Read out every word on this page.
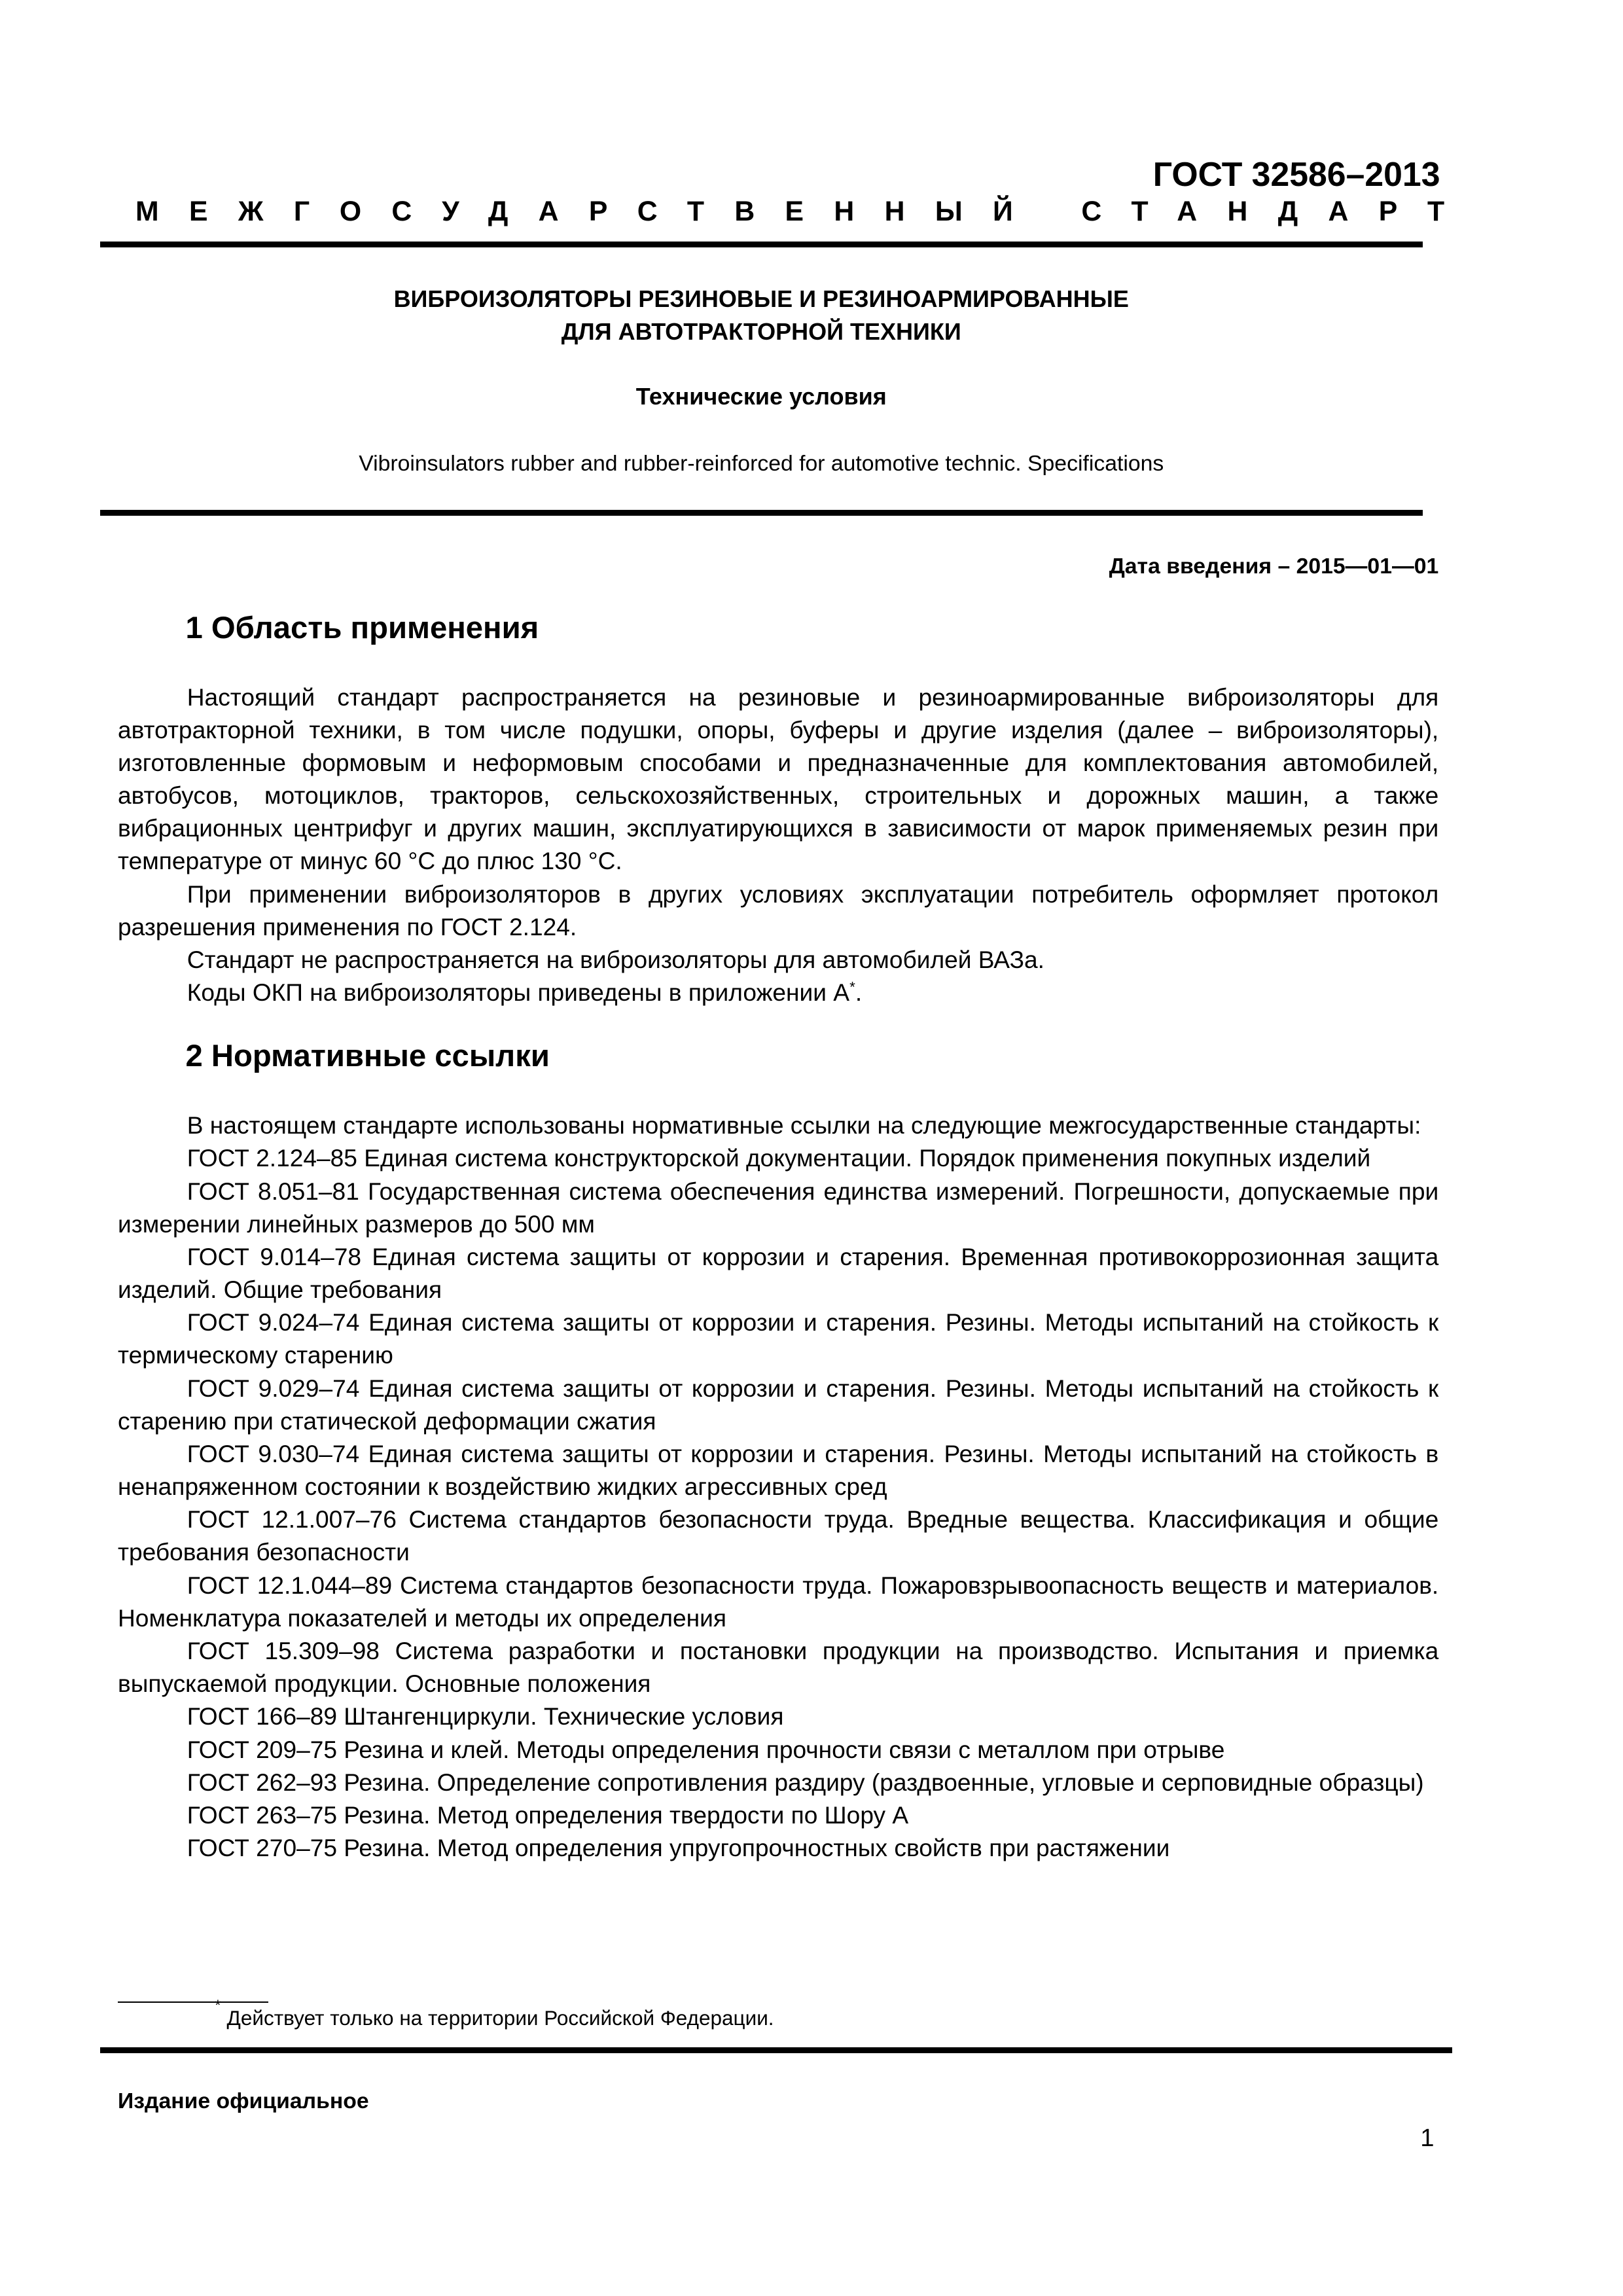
ГОСТ 32586–2013
МЕЖГОСУДАРСТВЕННЫЙ СТАНДАРТ
ВИБРОИЗОЛЯТОРЫ РЕЗИНОВЫЕ И РЕЗИНОАРМИРОВАННЫЕ
ДЛЯ АВТОТРАКТОРНОЙ ТЕХНИКИ
Технические условия
Vibroinsulators rubber and rubber-reinforced for automotive technic. Specifications
Дата введения – 2015—01—01
1 Область применения

Настоящий стандарт распространяется на резиновые и резиноармированные виброизоляторы для автотракторной техники, в том числе подушки, опоры, буферы и другие изделия (далее – виброизоляторы), изготовленные формовым и неформовым способами и предназначенные для комплектования автомобилей, автобусов, мотоциклов, тракторов, сельскохозяйственных, строительных и дорожных машин, а также вибрационных центрифуг и других машин, эксплуатирующихся в зависимости от марок применяемых резин при температуре от минус 60 °С до плюс 130 °С.

При применении виброизоляторов в других условиях эксплуатации потребитель оформляет протокол разрешения применения по ГОСТ 2.124.

Стандарт не распространяется на виброизоляторы для автомобилей ВАЗа.

Коды ОКП на виброизоляторы приведены в приложении А*.

2 Нормативные ссылки

В настоящем стандарте использованы нормативные ссылки на следующие межгосударственные стандарты:

ГОСТ 2.124–85 Единая система конструкторской документации. Порядок применения покупных изделий

ГОСТ 8.051–81 Государственная система обеспечения единства измерений. Погрешности, допускаемые при измерении линейных размеров до 500 мм

ГОСТ 9.014–78 Единая система защиты от коррозии и старения. Временная противокоррозионная защита изделий. Общие требования

ГОСТ 9.024–74 Единая система защиты от коррозии и старения. Резины. Методы испытаний на стойкость к термическому старению

ГОСТ 9.029–74 Единая система защиты от коррозии и старения. Резины. Методы испытаний на стойкость к старению при статической деформации сжатия

ГОСТ 9.030–74 Единая система защиты от коррозии и старения. Резины. Методы испытаний на стойкость в ненапряженном состоянии к воздействию жидких агрессивных сред

ГОСТ 12.1.007–76 Система стандартов безопасности труда. Вредные вещества. Классификация и общие требования безопасности

ГОСТ 12.1.044–89 Система стандартов безопасности труда. Пожаровзрывоопасность веществ и материалов. Номенклатура показателей и методы их определения

ГОСТ 15.309–98 Система разработки и постановки продукции на производство. Испытания и приемка выпускаемой продукции. Основные положения

ГОСТ 166–89 Штангенциркули. Технические условия

ГОСТ 209–75 Резина и клей. Методы определения прочности связи с металлом при отрыве

ГОСТ 262–93 Резина. Определение сопротивления раздиру (раздвоенные, угловые и серповидные образцы)

ГОСТ 263–75 Резина. Метод определения твердости по Шору А

ГОСТ 270–75 Резина. Метод определения упругопрочностных свойств при растяжении

*
Действует только на территории Российской Федерации.
Издание официальное
1
